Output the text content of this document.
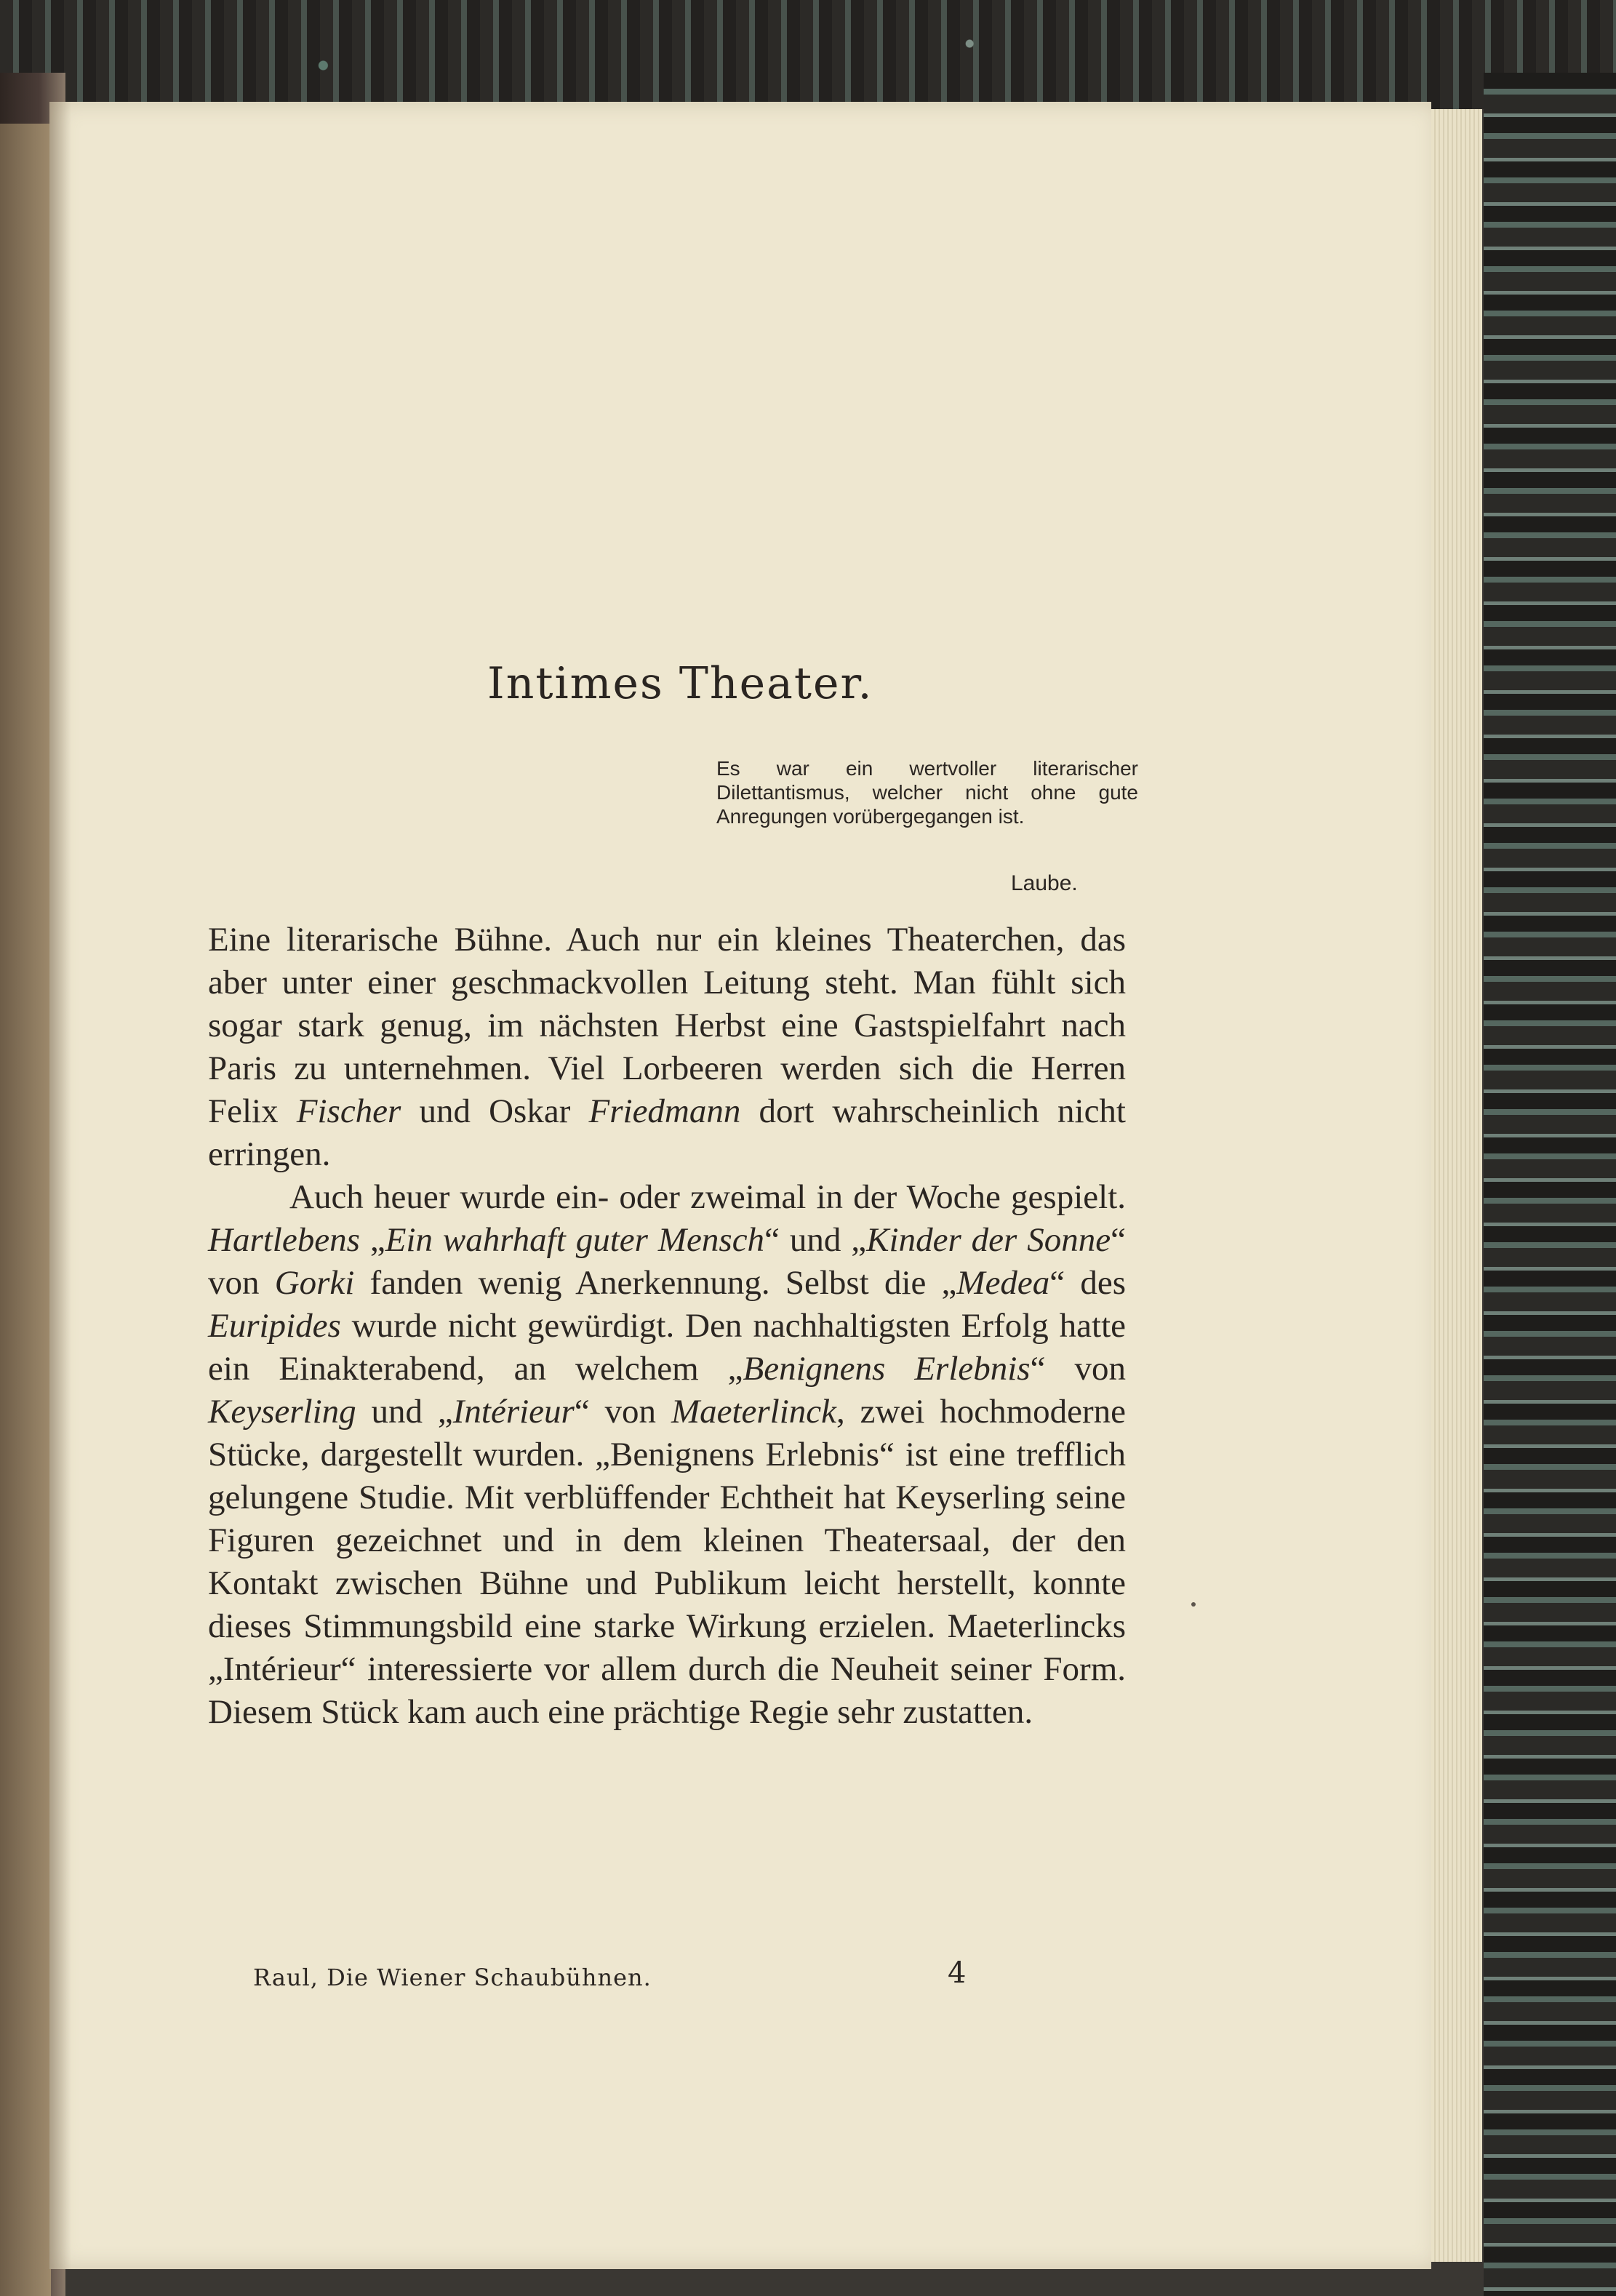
Intimes Theater.
Es war ein wertvoller literarischer Dilettantismus, welcher nicht ohne gute Anregungen vorübergegangen ist.
Laube.

Eine literarische Bühne. Auch nur ein kleines Theaterchen, das aber unter einer geschmackvollen Leitung steht. Man fühlt sich sogar stark genug, im nächsten Herbst eine Gastspielfahrt nach Paris zu unternehmen. Viel Lorbeeren werden sich die Herren Felix Fischer und Oskar Friedmann dort wahrscheinlich nicht erringen.

Auch heuer wurde ein- oder zweimal in der Woche gespielt. Hartlebens „Ein wahrhaft guter Mensch“ und „Kinder der Sonne“ von Gorki fanden wenig Anerkennung. Selbst die „Medea“ des Euripides wurde nicht gewürdigt. Den nachhaltigsten Erfolg hatte ein Einakterabend, an welchem „Benignens Erlebnis“ von Keyserling und „Intérieur“ von Maeterlinck, zwei hochmoderne Stücke, dargestellt wurden. „Benignens Erlebnis“ ist eine trefflich gelungene Studie. Mit verblüffender Echtheit hat Keyserling seine Figuren gezeichnet und in dem kleinen Theatersaal, der den Kontakt zwischen Bühne und Publikum leicht herstellt, konnte dieses Stimmungsbild eine starke Wirkung erzielen. Maeterlincks „Intérieur“ interessierte vor allem durch die Neuheit seiner Form. Diesem Stück kam auch eine prächtige Regie sehr zustatten.

Raul, Die Wiener Schaubühnen.	4
